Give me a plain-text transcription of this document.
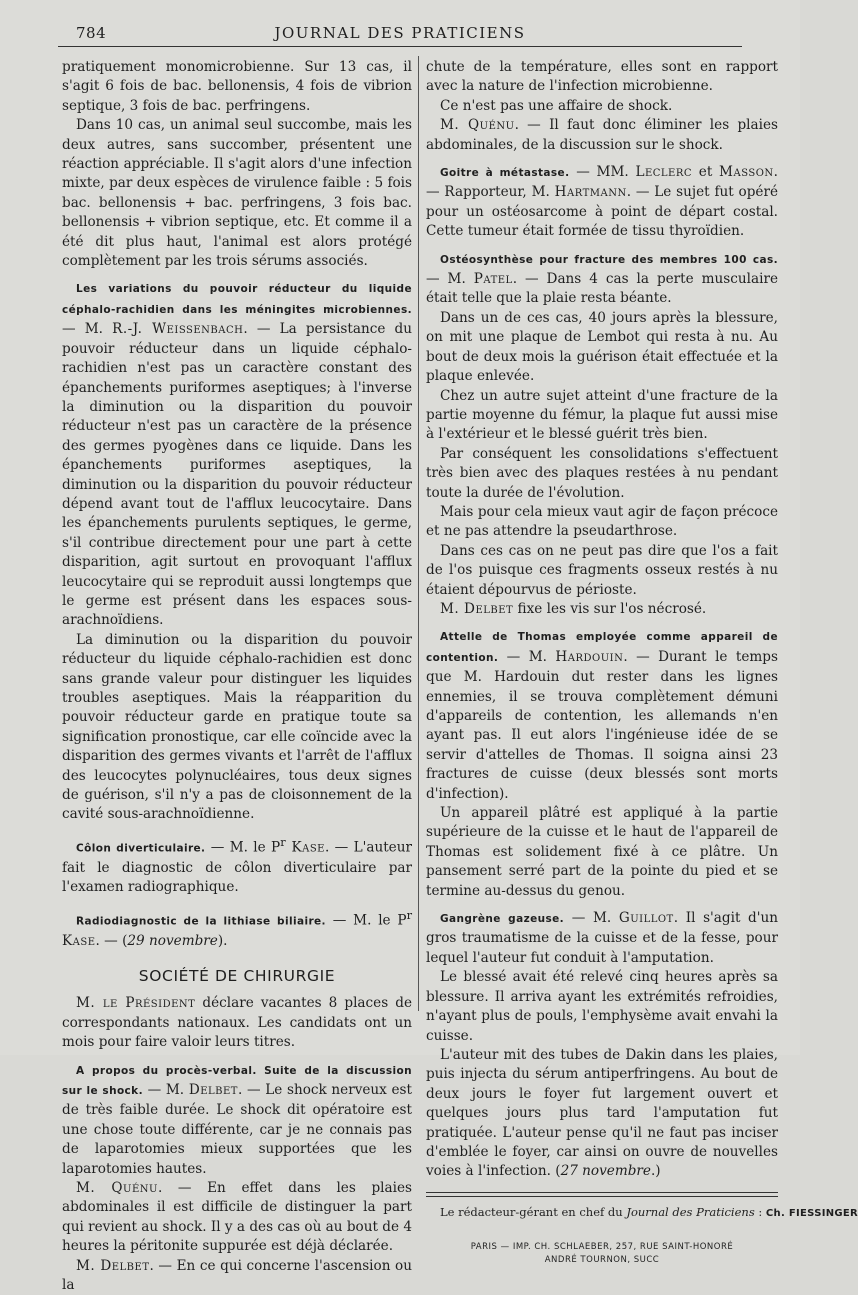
784	JOURNAL DES PRATICIENS

pratiquement monomicrobienne. Sur 13 cas, il s'agit 6 fois de bac. bellonensis, 4 fois de vibrion septique, 3 fois de bac. perfringens.

Dans 10 cas, un animal seul succombe, mais les deux autres, sans succomber, présentent une réaction appréciable. Il s'agit alors d'une infection mixte, par deux espèces de virulence faible : 5 fois bac. bellonensis + bac. perfringens, 3 fois bac. bellonensis + vibrion septique, etc. Et comme il a été dit plus haut, l'animal est alors protégé complètement par les trois sérums associés.

Les variations du pouvoir réducteur du liquide céphalo-rachidien dans les méningites microbiennes. — M. R.-J. Weissenbach. — La persistance du pouvoir réducteur dans un liquide céphalo-rachidien n'est pas un caractère constant des épanchements puriformes aseptiques; à l'inverse la diminution ou la disparition du pouvoir réducteur n'est pas un caractère de la présence des germes pyogènes dans ce liquide. Dans les épanchements puriformes aseptiques, la diminution ou la disparition du pouvoir réducteur dépend avant tout de l'afflux leucocytaire. Dans les épanchements purulents septiques, le germe, s'il contribue directement pour une part à cette disparition, agit surtout en provoquant l'afflux leucocytaire qui se reproduit aussi longtemps que le germe est présent dans les espaces sous-arachnoïdiens.

La diminution ou la disparition du pouvoir réducteur du liquide céphalo-rachidien est donc sans grande valeur pour distinguer les liquides troubles aseptiques. Mais la réapparition du pouvoir réducteur garde en pratique toute sa signification pronostique, car elle coïncide avec la disparition des germes vivants et l'arrêt de l'afflux des leucocytes polynucléaires, tous deux signes de guérison, s'il n'y a pas de cloisonnement de la cavité sous-arachnoïdienne.

Côlon diverticulaire. — M. le $P^r$ Kase. — L'auteur fait le diagnostic de côlon diverticulaire par l'examen radiographique.

Radiodiagnostic de la lithiase biliaire. — M. le $P^r$ Kase. — (29 novembre).

SOCIÉTÉ DE CHIRURGIE

M. le Président déclare vacantes 8 places de correspondants nationaux. Les candidats ont un mois pour faire valoir leurs titres.

A propos du procès-verbal. Suite de la discussion sur le shock. — M. Delbet. — Le shock nerveux est de très faible durée. Le shock dit opératoire est une chose toute différente, car je ne connais pas de laparotomies mieux supportées que les laparotomies hautes.

M. Quénu. — En effet dans les plaies abdominales il est difficile de distinguer la part qui revient au shock. Il y a des cas où au bout de 4 heures la péritonite suppurée est déjà déclarée.

M. Delbet. — En ce qui concerne l'ascension ou la

chute de la température, elles sont en rapport avec la nature de l'infection microbienne.

Ce n'est pas une affaire de shock.

M. Quénu. — Il faut donc éliminer les plaies abdominales, de la discussion sur le shock.

Goitre à métastase. — MM. Leclerc et Masson. — Rapporteur, M. Hartmann. — Le sujet fut opéré pour un ostéosarcome à point de départ costal. Cette tumeur était formée de tissu thyroïdien.

Ostéosynthèse pour fracture des membres 100 cas. — M. Patel. — Dans 4 cas la perte musculaire était telle que la plaie resta béante.

Dans un de ces cas, 40 jours après la blessure, on mit une plaque de Lembot qui resta à nu. Au bout de deux mois la guérison était effectuée et la plaque enlevée.

Chez un autre sujet atteint d'une fracture de la partie moyenne du fémur, la plaque fut aussi mise à l'extérieur et le blessé guérit très bien.

Par conséquent les consolidations s'effectuent très bien avec des plaques restées à nu pendant toute la durée de l'évolution.

Mais pour cela mieux vaut agir de façon précoce et ne pas attendre la pseudarthrose.

Dans ces cas on ne peut pas dire que l'os a fait de l'os puisque ces fragments osseux restés à nu étaient dépourvus de périoste.

M. Delbet fixe les vis sur l'os nécrosé.

Attelle de Thomas employée comme appareil de contention. — M. Hardouin. — Durant le temps que M. Hardouin dut rester dans les lignes ennemies, il se trouva complètement démuni d'appareils de contention, les allemands n'en ayant pas. Il eut alors l'ingénieuse idée de se servir d'attelles de Thomas. Il soigna ainsi 23 fractures de cuisse (deux blessés sont morts d'infection).

Un appareil plâtré est appliqué à la partie supérieure de la cuisse et le haut de l'appareil de Thomas est solidement fixé à ce plâtre. Un pansement serré part de la pointe du pied et se termine au-dessus du genou.

Gangrène gazeuse. — M. Guillot. Il s'agit d'un gros traumatisme de la cuisse et de la fesse, pour lequel l'auteur fut conduit à l'amputation.

Le blessé avait été relevé cinq heures après sa blessure. Il arriva ayant les extrémités refroidies, n'ayant plus de pouls, l'emphysème avait envahi la cuisse.

L'auteur mit des tubes de Dakin dans les plaies, puis injecta du sérum antiperfringens. Au bout de deux jours le foyer fut largement ouvert et quelques jours plus tard l'amputation fut pratiquée. L'auteur pense qu'il ne faut pas inciser d'emblée le foyer, car ainsi on ouvre de nouvelles voies à l'infection. (27 novembre.)

Le rédacteur-gérant en chef du Journal des Praticiens : Ch. FIESSINGER

PARIS — IMP. CH. SCHLAEBER, 257, RUE SAINT-HONORÉ
ANDRÉ TOURNON, SUCC
